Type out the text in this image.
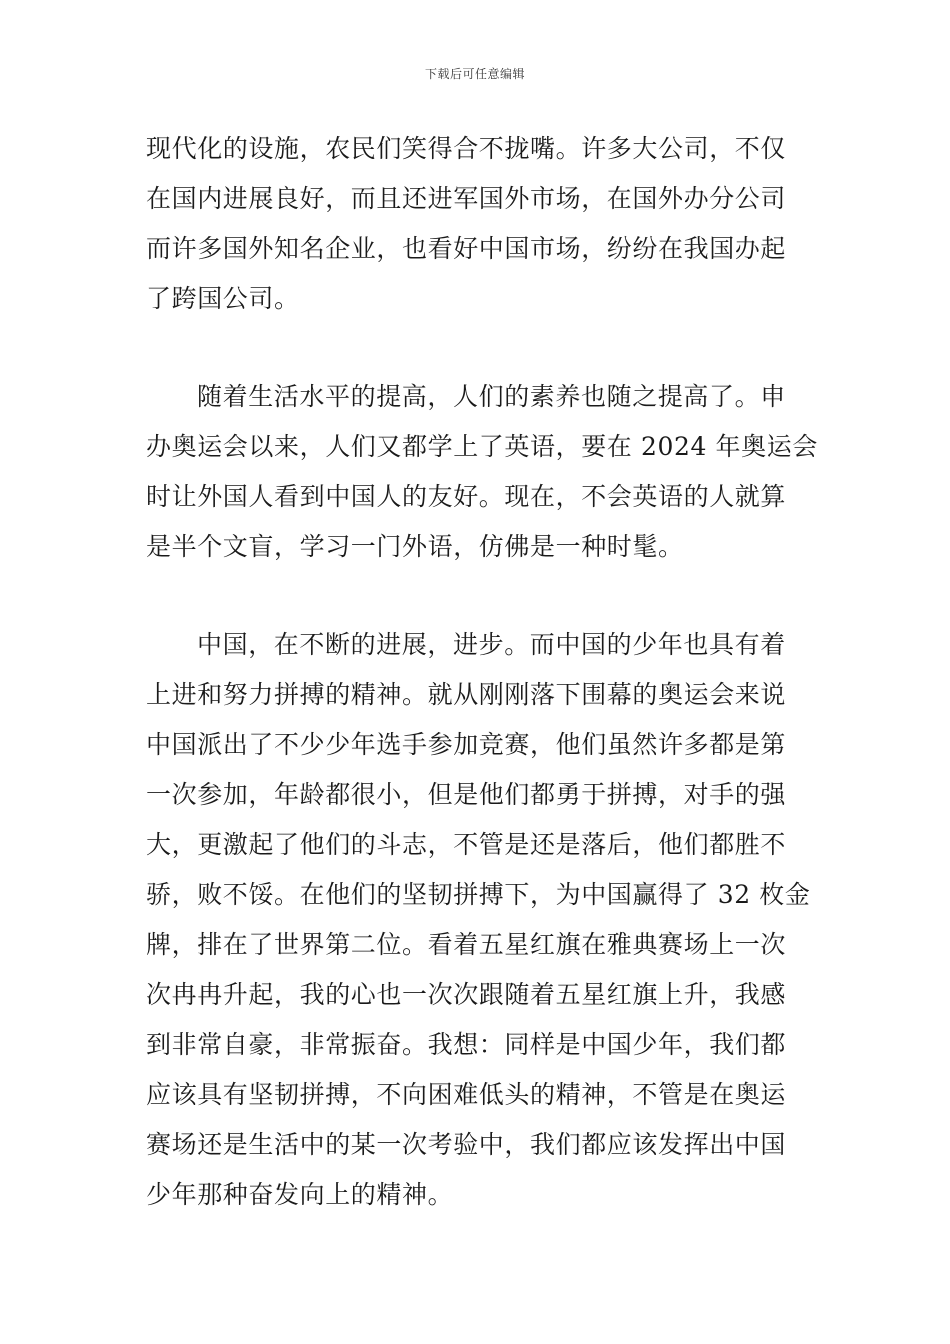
下载后可任意编辑
现代化的设施，农民们笑得合不拢嘴。许多大公司，不仅
在国内进展良好，而且还进军国外市场，在国外办分公司
而许多国外知名企业，也看好中国市场，纷纷在我国办起
了跨国公司。
随着生活水平的提高，人们的素养也随之提高了。申
办奥运会以来，人们又都学上了英语，要在 2024 年奥运会
时让外国人看到中国人的友好。现在，不会英语的人就算
是半个文盲，学习一门外语，仿佛是一种时髦。
中国，在不断的进展，进步。而中国的少年也具有着
上进和努力拼搏的精神。就从刚刚落下围幕的奥运会来说
中国派出了不少少年选手参加竞赛，他们虽然许多都是第
一次参加，年龄都很小，但是他们都勇于拼搏，对手的强
大，更激起了他们的斗志，不管是还是落后，他们都胜不
骄，败不馁。在他们的坚韧拼搏下，为中国赢得了 32 枚金
牌，排在了世界第二位。看着五星红旗在雅典赛场上一次
次冉冉升起，我的心也一次次跟随着五星红旗上升，我感
到非常自豪，非常振奋。我想：同样是中国少年，我们都
应该具有坚韧拼搏，不向困难低头的精神，不管是在奥运
赛场还是生活中的某一次考验中，我们都应该发挥出中国
少年那种奋发向上的精神。
